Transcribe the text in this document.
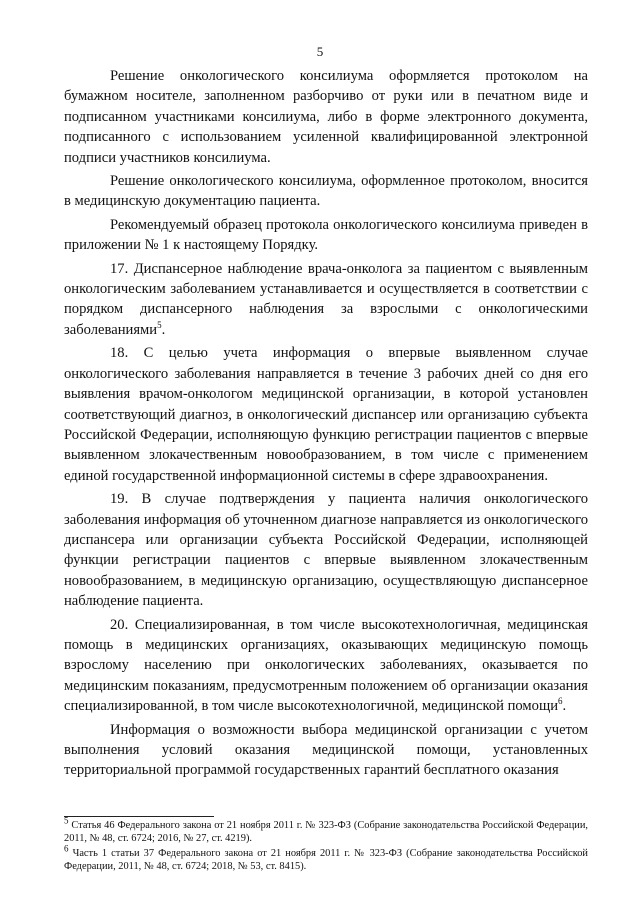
5

Решение онкологического консилиума оформляется протоколом на бумажном носителе, заполненном разборчиво от руки или в печатном виде и подписанном участниками консилиума, либо в форме электронного документа, подписанного с использованием усиленной квалифицированной электронной подписи участников консилиума.

Решение онкологического консилиума, оформленное протоколом, вносится в медицинскую документацию пациента.

Рекомендуемый образец протокола онкологического консилиума приведен в приложении № 1 к настоящему Порядку.

17. Диспансерное наблюдение врача-онколога за пациентом с выявленным онкологическим заболеванием устанавливается и осуществляется в соответствии с порядком диспансерного наблюдения за взрослыми с онкологическими заболеваниями$^5$.

18. С целью учета информация о впервые выявленном случае онкологического заболевания направляется в течение 3 рабочих дней со дня его выявления врачом-онкологом медицинской организации, в которой установлен соответствующий диагноз, в онкологический диспансер или организацию субъекта Российской Федерации, исполняющую функцию регистрации пациентов с впервые выявленном злокачественным новообразованием, в том числе с применением единой государственной информационной системы в сфере здравоохранения.

19. В случае подтверждения у пациента наличия онкологического заболевания информация об уточненном диагнозе направляется из онкологического диспансера или организации субъекта Российской Федерации, исполняющей функции регистрации пациентов с впервые выявленном злокачественным новообразованием, в медицинскую организацию, осуществляющую диспансерное наблюдение пациента.

20. Специализированная, в том числе высокотехнологичная, медицинская помощь в медицинских организациях, оказывающих медицинскую помощь взрослому населению при онкологических заболеваниях, оказывается по медицинским показаниям, предусмотренным положением об организации оказания специализированной, в том числе высокотехнологичной, медицинской помощи$^6$.

Информация о возможности выбора медицинской организации с учетом выполнения условий оказания медицинской помощи, установленных территориальной программой государственных гарантий бесплатного оказания

$^5$ Статья 46 Федерального закона от 21 ноября 2011 г. № 323-ФЗ (Собрание законодательства Российской Федерации, 2011, № 48, ст. 6724; 2016, № 27, ст. 4219).

$^6$ Часть 1 статьи 37 Федерального закона от 21 ноября 2011 г. № 323-ФЗ (Собрание законодательства Российской Федерации, 2011, № 48, ст. 6724; 2018, № 53, ст. 8415).
